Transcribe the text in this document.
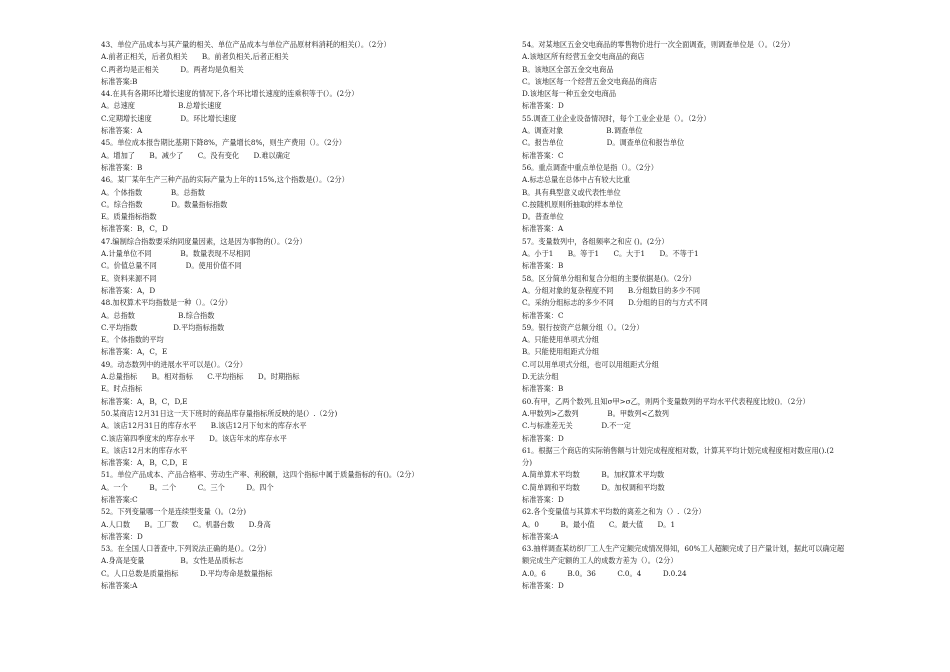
43、单位产品成本与其产量的相关、单位产品成本与单位产品原材料消耗的相关(）。（2分）
A.前者正相关，后者负相关　　B。前者负相关,后者正相关
C.两者均是正相关　　　D。两者均是负相关
标准答案:B
44.在具有各期环比增长速度的情况下,各个环比增长速度的连乘积等于(）。(2分）
A。总速度　　　　　　B.总增长速度
C.定期增长速度　　　　D。环比增长速度
标准答案：A
45。单位成本报告期比基期下降8%，产量增长8%，则生产费用（）。（2分）
A。增加了　　B。减少了　　C。没有变化　　D.难以确定
标准答案：B
46。某厂某年生产三种产品的实际产量为上年的115%,这个指数是(）。（2分）
A。个体指数　　　　B。总指数
C。综合指数　　　　D。数量指标指数
E。质量指标指数
标准答案：B，C，D
47.编制综合指数要采纳同度量因素，这是因为事物的(）。（2分）
A.计量单位不同　　　　B。数量表现不尽相同
C。价值总量不同　　　　D。使用价值不同
E。资料来源不同
标准答案：A，D
48.加权算术平均指数是一种（）。（2分）
A。总指数　　　　　　B.综合指数
C.平均指数　　　　　D.平均指标指数
E。个体指数的平均
标准答案：A，C，E
49。动态数列中的进展水平可以是(）。（2分）
A.总量指标　　B。相对指标　　C.平均指标　　D。时期指标
E。时点指标
标准答案：A，B，C，D,E
50.某商店12月31日这一天下班时的商品库存量指标所反映的是(）.（2分)
A。该店12月31日的库存水平　　B.该店12月下旬末的库存水平
C.该店第四季度末的库存水平　　D。该店年末的库存水平
E。该店12月末的库存水平
标准答案：A，B，C,D，E
51。单位产品成本、产品合格率、劳动生产率、利税额，这四个指标中属于质量指标的有()。（2分）
A。一个　　　B。二个　　　C。三个　　　D。四个
标准答案:C
52。下列变量哪一个是连续型变量（)。（2分)
A.人口数　　B。工厂数　　C。机器台数　　D.身高
标准答案：D
53。在全国人口普查中,下列说法正确的是(）。（2分）
A.身高是变量　　　　　B。女性是品质标志
C。人口总数是质量指标　　　D.平均寿命是数量指标
标准答案:A
54。对某地区五金交电商品的零售物价进行一次全面调查，则调查单位是（）。（2分）
A.该地区所有经营五金交电商品的商店
B。该地区全部五金交电商品
C。该地区每一个经营五金交电商品的商店
D.该地区每一种五金交电商品
标准答案：D
55.调查工业企业设备情况时，每个工业企业是（）。（2分）
A。调查对象　　　　　　B.调查单位
C。报告单位　　　　　　D。调查单位和报告单位
标准答案：C
56。重点调查中重点单位是指（）。（2分）
A.标志总量在总体中占有较大比重
B。具有典型意义或代表性单位
C.按随机原则所抽取的样本单位
D。普查单位
标准答案：A
57。变量数列中，各组频率之和应 ()。(2分）
A。小于1　　B。等于1　　C。大于1　　D。不等于1
标准答案：B
58。区分简单分组和复合分组的主要依据是()。（2分）
A。分组对象的复杂程度不同　　B.分组数目的多少不同
C。采纳分组标志的多少不同　　D.分组的目的与方式不同
标准答案：C
59。银行按资产总额分组（）。（2分）
A。只能使用单项式分组
B。只能使用组距式分组
C.可以用单项式分组，也可以用组距式分组
D.无法分组
标准答案：B
60.有甲，乙两个数列,且知σ甲>σ乙，则两个变量数列的平均水平代表程度比较()．（2分）
A.甲数列>乙数列　　　　B。甲数列<乙数列
C.与标准差无关　　　　D.不一定
标准答案：D
61。根据三个商店的实际销售额与计划完成程度相对数，计算其平均计划完成程度相对数应用().(2
分)
A.简单算术平均数　　　B。加权算术平均数
C.简单调和平均数　　　D。加权调和平均数
标准答案：D
62.各个变量值与其算术平均数的离差之和为（）.（2分）
A。0　　　B。最小值　　C。最大值　　D。1
标准答案:A
63.抽样调查某纺织厂工人生产定额完成情况得知，60%工人超额完成了日产量计划，据此可以确定超
额完成生产定额的工人的成数方差为（）。（2分）
A.0。6　　　B.0。36　　　C.0。4　　　D.0.24
标准答案：D
